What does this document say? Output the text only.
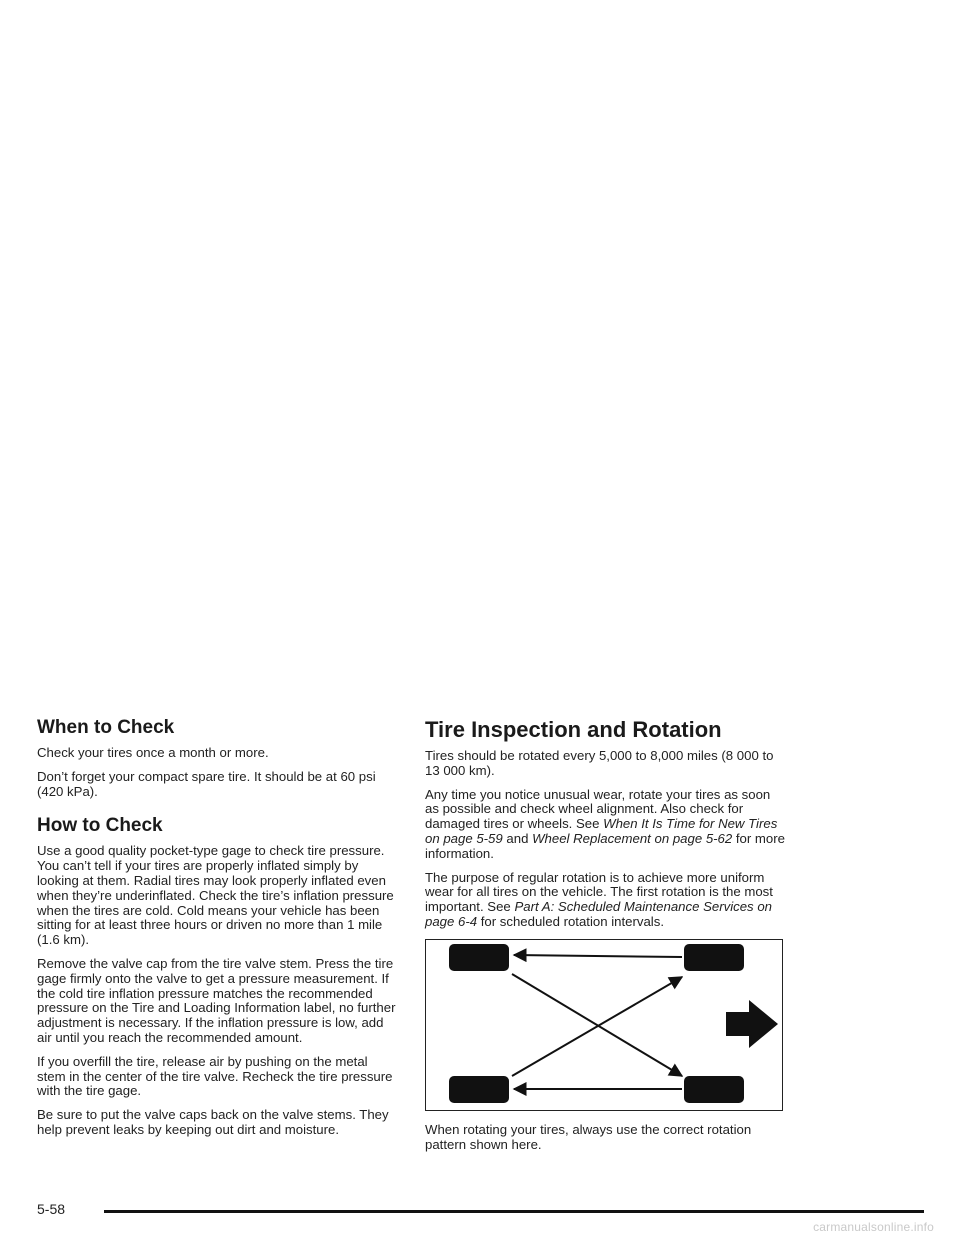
When to Check

Check your tires once a month or more.

Don’t forget your compact spare tire. It should be at 60 psi (420 kPa).

How to Check

Use a good quality pocket-type gage to check tire pressure. You can’t tell if your tires are properly inflated simply by looking at them. Radial tires may look properly inflated even when they’re underinflated. Check the tire’s inflation pressure when the tires are cold. Cold means your vehicle has been sitting for at least three hours or driven no more than 1 mile (1.6 km).

Remove the valve cap from the tire valve stem. Press the tire gage firmly onto the valve to get a pressure measurement. If the cold tire inflation pressure matches the recommended pressure on the Tire and Loading Information label, no further adjustment is necessary. If the inflation pressure is low, add air until you reach the recommended amount.

If you overfill the tire, release air by pushing on the metal stem in the center of the tire valve. Recheck the tire pressure with the tire gage.

Be sure to put the valve caps back on the valve stems. They help prevent leaks by keeping out dirt and moisture.

Tire Inspection and Rotation

Tires should be rotated every 5,000 to 8,000 miles (8 000 to 13 000 km).

Any time you notice unusual wear, rotate your tires as soon as possible and check wheel alignment. Also check for damaged tires or wheels. See When It Is Time for New Tires on page 5-59 and Wheel Replacement on page 5-62 for more information.

The purpose of regular rotation is to achieve more uniform wear for all tires on the vehicle. The first rotation is the most important. See Part A: Scheduled Maintenance Services on page 6-4 for scheduled rotation intervals.

When rotating your tires, always use the correct rotation pattern shown here.

5-58
carmanualsonline.info
